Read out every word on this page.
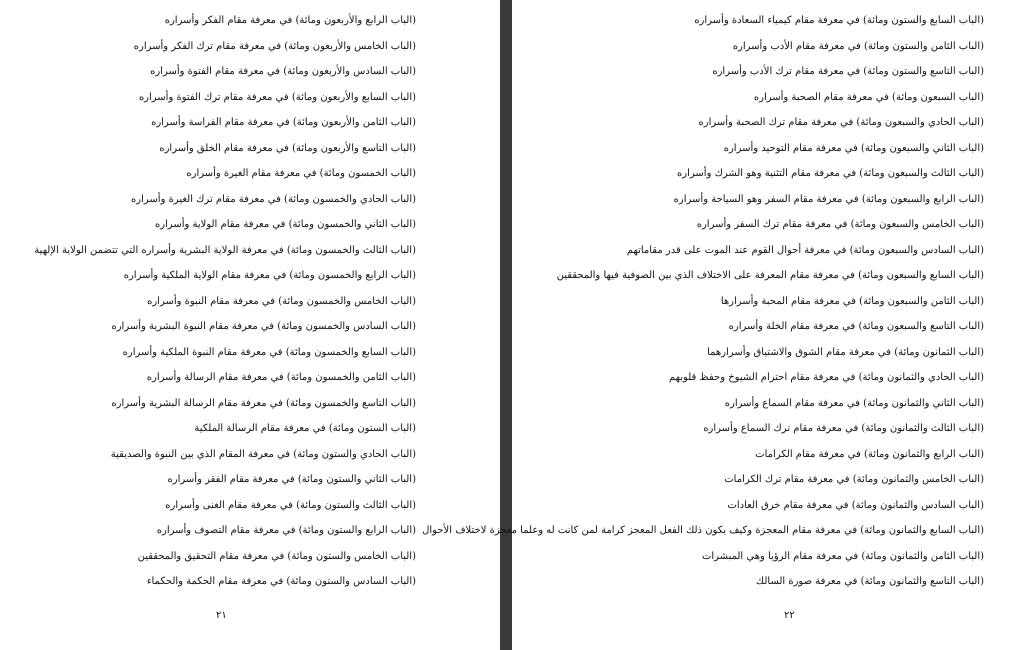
(الباب الرابع والأربعون ومائة) في معرفة مقام الفكر وأسراره
(الباب الخامس والأربعون ومائة) في معرفة مقام ترك الفكر وأسراره
(الباب السادس والأربعون ومائة) في معرفة مقام الفتوة وأسراره
(الباب السابع والأربعون ومائة) في معرفة مقام ترك الفتوة وأسراره
(الباب الثامن والأربعون ومائة) في معرفة مقام الفراسة وأسراره
(الباب التاسع والأربعون ومائة) في معرفة مقام الخلق وأسراره
(الباب الخمسون ومائة) في معرفة مقام الغيرة وأسراره
(الباب الحادي والخمسون ومائة) في معرفة مقام ترك الغيرة وأسراره
(الباب الثاني والخمسون ومائة) في معرفة مقام الولاية وأسراره
(الباب الثالث والخمسون ومائة) في معرفة الولاية البشرية وأسراره التي تتضمن الولاية الإلهية
(الباب الرابع والخمسون ومائة) في معرفة مقام الولاية الملكية وأسراره
(الباب الخامس والخمسون ومائة) في معرفة مقام النبوة وأسراره
(الباب السادس والخمسون ومائة) في معرفة مقام النبوة البشرية وأسراره
(الباب السابع والخمسون ومائة) في معرفة مقام النبوة الملكية وأسراره
(الباب الثامن والخمسون ومائة) في معرفة مقام الرسالة وأسراره
(الباب التاسع والخمسون ومائة) في معرفة مقام الرسالة البشرية وأسراره
(الباب الستون ومائة) في معرفة مقام الرسالة الملكية
(الباب الحادي والستون ومائة) في معرفة المقام الذي بين النبوة والصديقية
(الباب الثاني والستون ومائة) في معرفة مقام الفقر وأسراره
(الباب الثالث والستون ومائة) في معرفة مقام الغنى وأسراره
(الباب الرابع والستون ومائة) في معرفة مقام التصوف وأسراره
(الباب الخامس والستون ومائة) في معرفة مقام التحقيق والمحققين
(الباب السادس والستون ومائة) في معرفة مقام الحكمة والحكماء
٢١
(الباب السابع والستون ومائة) في معرفة مقام كيمياء السعادة وأسراره
(الباب الثامن والستون ومائة) في معرفة مقام الأدب وأسراره
(الباب التاسع والستون ومائة) في معرفة مقام ترك الأدب وأسراره
(الباب السبعون ومائة) في معرفة مقام الصحبة وأسراره
(الباب الحادي والسبعون ومائة) في معرفة مقام ترك الصحبة وأسراره
(الباب الثاني والسبعون ومائة) في معرفة مقام التوحيد وأسراره
(الباب الثالث والسبعون ومائة) في معرفة مقام التثنية وهو الشرك وأسراره
(الباب الرابع والسبعون ومائة) في معرفة مقام السفر وهو السياحة وأسراره
(الباب الخامس والسبعون ومائة) في معرفة مقام ترك السفر وأسراره
(الباب السادس والسبعون ومائة) في معرفة أحوال القوم عند الموت على قدر مقاماتهم
(الباب السابع والسبعون ومائة) في معرفة مقام المعرفة على الاختلاف الذي بين الصوفية فيها والمحققين
(الباب الثامن والسبعون ومائة) في معرفة مقام المحبة وأسرارها
(الباب التاسع والسبعون ومائة) في معرفة مقام الخلة وأسراره
(الباب الثمانون ومائة) في معرفة مقام الشوق والاشتياق وأسرارهما
(الباب الحادي والثمانون ومائة) في معرفة مقام احترام الشيوخ وحفظ قلوبهم
(الباب الثاني والثمانون ومائة) في معرفة مقام السماع وأسراره
(الباب الثالث والثمانون ومائة) في معرفة مقام ترك السماع وأسراره
(الباب الرابع والثمانون ومائة) في معرفة مقام الكرامات
(الباب الخامس والثمانون ومائة) في معرفة مقام ترك الكرامات
(الباب السادس والثمانون ومائة) في معرفة مقام خرق العادات
(الباب السابع والثمانون ومائة) في معرفة مقام المعجزة وكيف يكون ذلك الفعل المعجز كرامة لمن كانت له وعلما معجزة لاختلاف الأحوال
(الباب الثامن والثمانون ومائة) في معرفة مقام الرؤيا وهي المبشرات
(الباب التاسع والثمانون ومائة) في معرفة صورة السالك
٢٢
